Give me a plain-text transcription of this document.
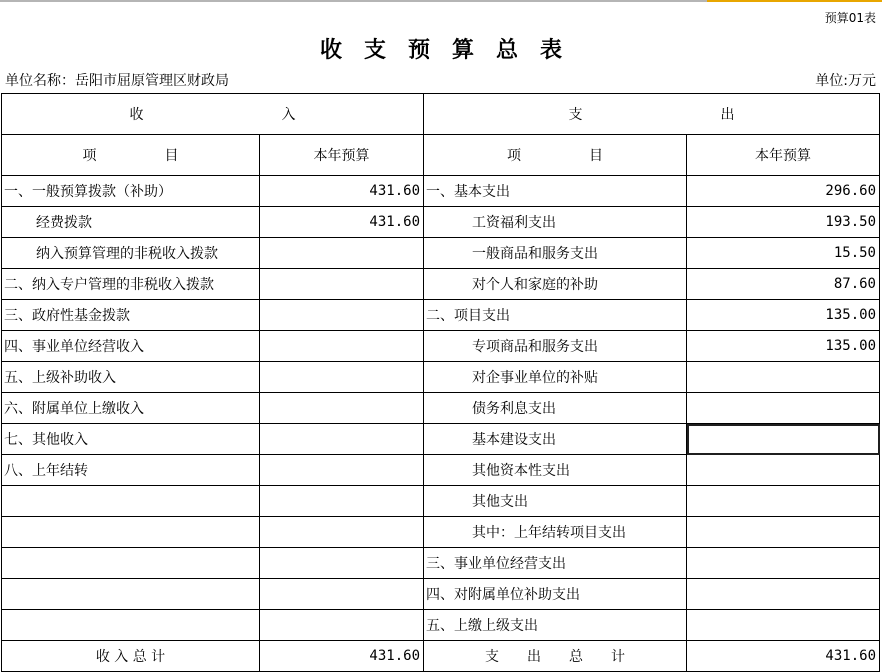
预算01表
收支预算总表
单位名称：岳阳市屈原管理区财政局	单位:万元
收 入		支 出	
项 目	本年预算	项 目	本年预算
一、一般预算拨款（补助）	431.60	一、基本支出	296.60
经费拨款	431.60	工资福利支出	193.50
纳入预算管理的非税收入拨款		一般商品和服务支出	15.50
二、纳入专户管理的非税收入拨款		对个人和家庭的补助	87.60
三、政府性基金拨款		二、项目支出	135.00
四、事业单位经营收入		专项商品和服务支出	135.00
五、上级补助收入		对企事业单位的补贴	
六、附属单位上缴收入		债务利息支出	
七、其他收入		基本建设支出	
八、上年结转		其他资本性支出	
		其他支出	
		其中：上年结转项目支出	
		三、事业单位经营支出	
		四、对附属单位补助支出	
		五、上缴上级支出	
收 入 总 计	431.60	支 出 总 计	431.60
